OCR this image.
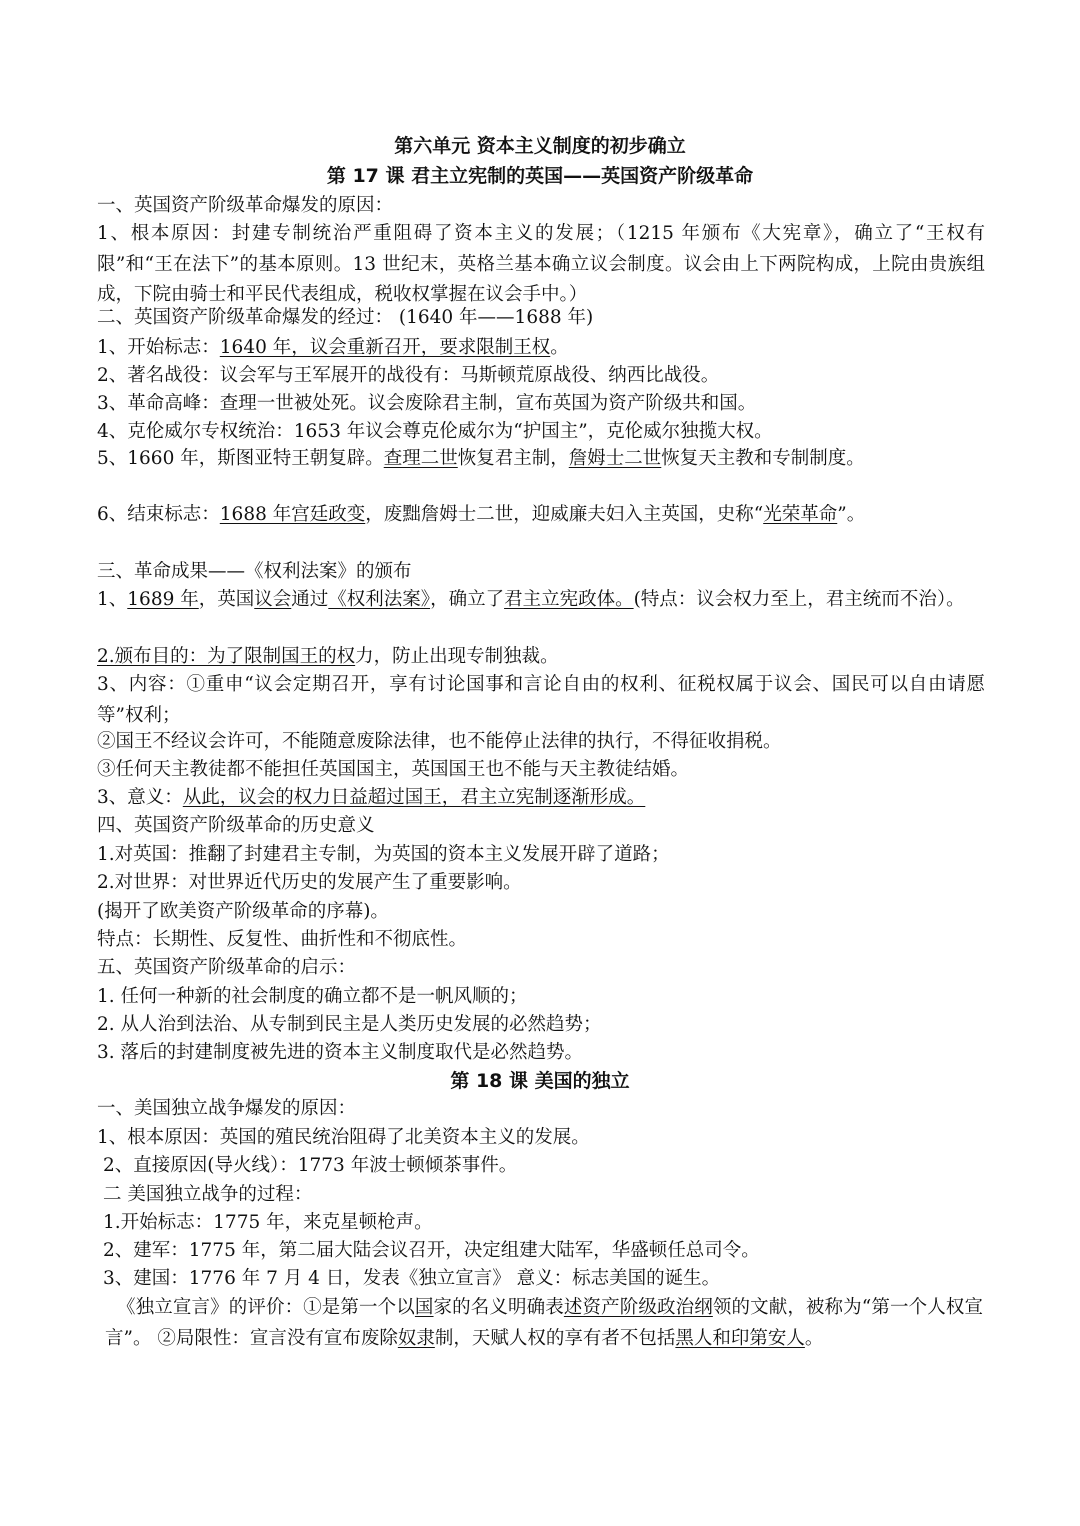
第六单元 资本主义制度的初步确立

第 17 课 君主立宪制的英国——英国资产阶级革命

一、英国资产阶级革命爆发的原因：

1、根本原因：封建专制统治严重阻碍了资本主义的发展；（1215 年颁布《大宪章》，确立了“王权有限”和“王在法下”的基本原则。13 世纪末，英格兰基本确立议会制度。议会由上下两院构成，上院由贵族组成，下院由骑士和平民代表组成，税收权掌握在议会手中。）

二、英国资产阶级革命爆发的经过： (1640 年——1688 年)

1、开始标志：1640 年，议会重新召开，要求限制王权。

2、著名战役：议会军与王军展开的战役有：马斯顿荒原战役、纳西比战役。

3、革命高峰：查理一世被处死。议会废除君主制，宣布英国为资产阶级共和国。

4、克伦威尔专权统治：1653 年议会尊克伦威尔为“护国主”，克伦威尔独揽大权。

5、1660 年，斯图亚特王朝复辟。查理二世恢复君主制，詹姆士二世恢复天主教和专制制度。

6、结束标志：1688 年宫廷政变，废黜詹姆士二世，迎威廉夫妇入主英国，史称“光荣革命”。

三、革命成果——《权利法案》的颁布

1、1689 年，英国议会通过《权利法案》，确立了君主立宪政体。(特点：议会权力至上，君主统而不治）。

2.颁布目的：为了限制国王的权力，防止出现专制独裁。

3、内容：①重申“议会定期召开，享有讨论国事和言论自由的权利、征税权属于议会、国民可以自由请愿等”权利；

②国王不经议会许可，不能随意废除法律，也不能停止法律的执行，不得征收捐税。

③任何天主教徒都不能担任英国国主，英国国王也不能与天主教徒结婚。

3、意义：从此，议会的权力日益超过国王，君主立宪制逐渐形成。

四、英国资产阶级革命的历史意义

1.对英国：推翻了封建君主专制，为英国的资本主义发展开辟了道路；

2.对世界：对世界近代历史的发展产生了重要影响。

(揭开了欧美资产阶级革命的序幕)。

特点：长期性、反复性、曲折性和不彻底性。

五、英国资产阶级革命的启示：

1. 任何一种新的社会制度的确立都不是一帆风顺的；

2. 从人治到法治、从专制到民主是人类历史发展的必然趋势；

3. 落后的封建制度被先进的资本主义制度取代是必然趋势。

第 18 课 美国的独立

一、美国独立战争爆发的原因：

1、根本原因：英国的殖民统治阻碍了北美资本主义的发展。

2、直接原因(导火线）：1773 年波士顿倾茶事件。

二 美国独立战争的过程：

1.开始标志：1775 年，来克星顿枪声。

2、建军：1775 年，第二届大陆会议召开，决定组建大陆军，华盛顿任总司令。

3、建国：1776 年 7 月 4 日，发表《独立宣言》 意义：标志美国的诞生。

《独立宣言》的评价：①是第一个以国家的名义明确表述资产阶级政治纲领的文献，被称为“第一个人权宣言”。 ②局限性：宣言没有宣布废除奴隶制，天赋人权的享有者不包括黑人和印第安人。
